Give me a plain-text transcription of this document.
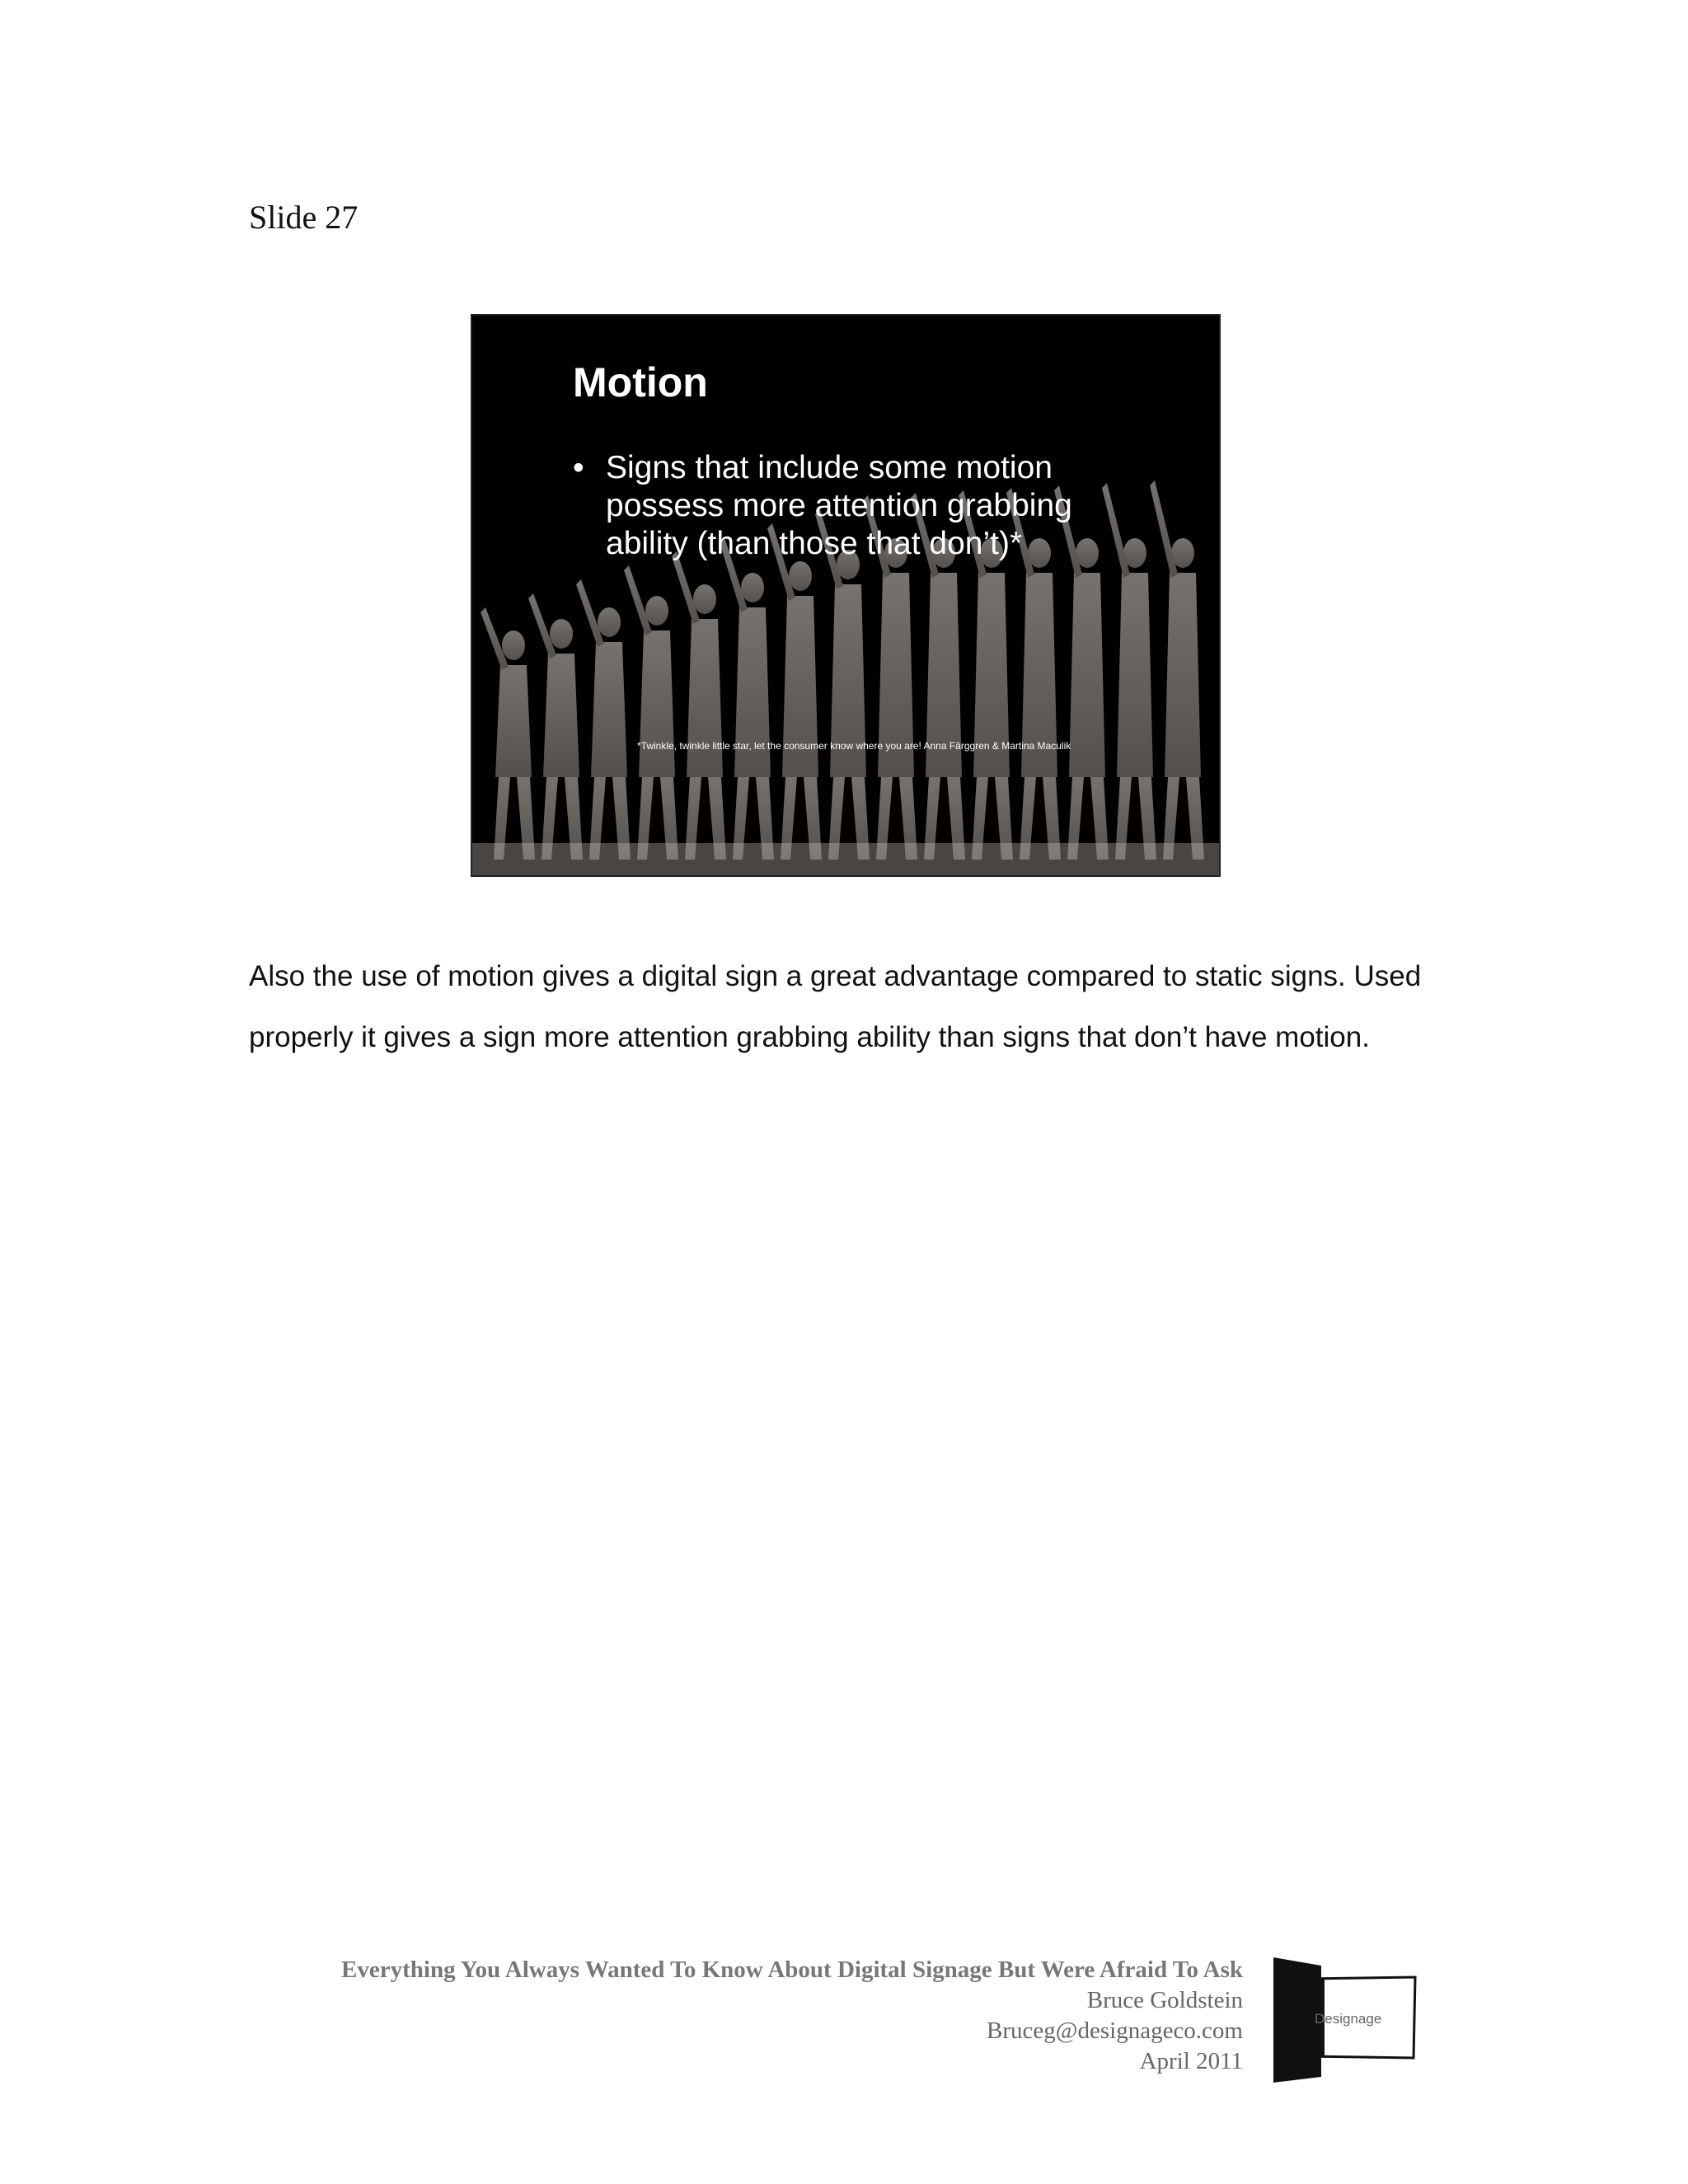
Slide 27
Motion
• Signs that include some motion possess more attention grabbing ability (than those that don’t)*
*Twinkle, twinkle little star, let the consumer know where you are! Anna Färggren & Martina Maculik
Also the use of motion gives a digital sign a great advantage compared to static signs. Used properly it gives a sign more attention grabbing ability than signs that don’t have motion.
Everything You Always Wanted To Know About Digital Signage But Were Afraid To Ask
Bruce Goldstein
Bruceg@designageco.com
April 2011
Designage
